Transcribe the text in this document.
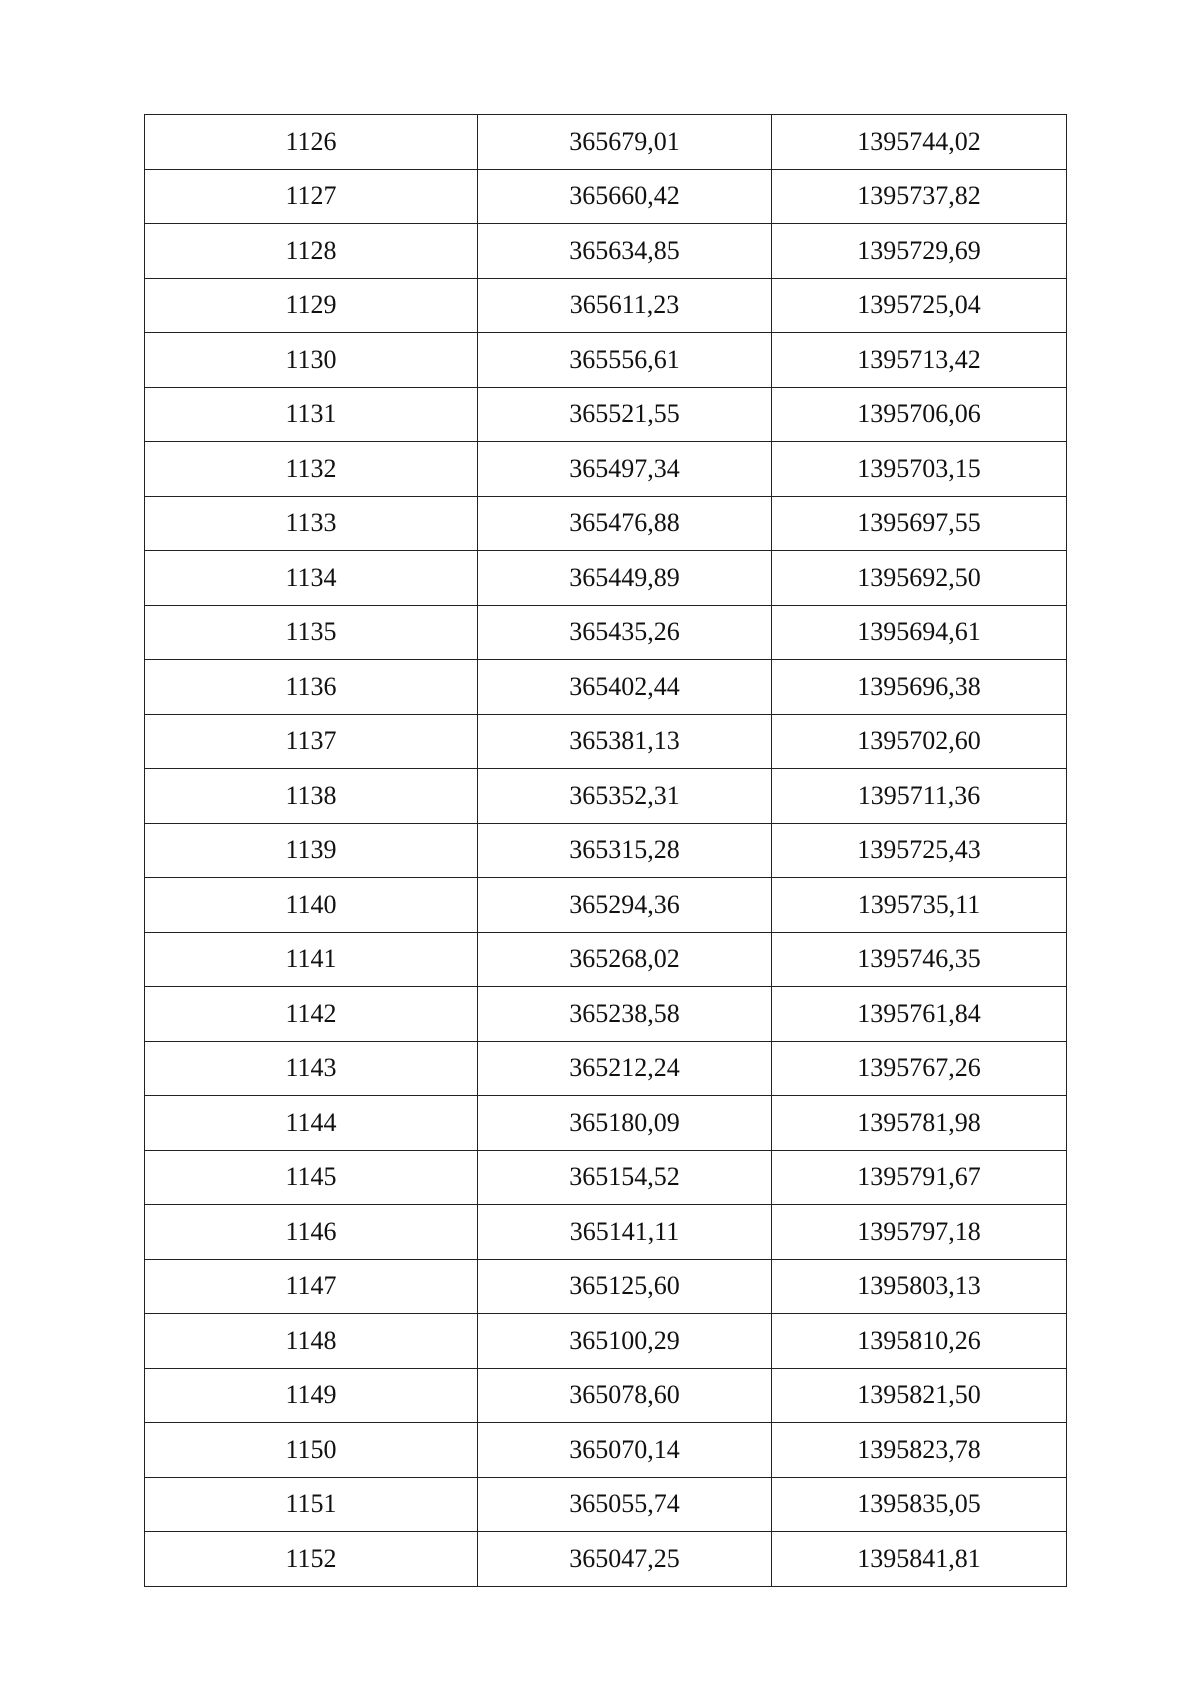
1126	365679,01	1395744,02
1127	365660,42	1395737,82
1128	365634,85	1395729,69
1129	365611,23	1395725,04
1130	365556,61	1395713,42
1131	365521,55	1395706,06
1132	365497,34	1395703,15
1133	365476,88	1395697,55
1134	365449,89	1395692,50
1135	365435,26	1395694,61
1136	365402,44	1395696,38
1137	365381,13	1395702,60
1138	365352,31	1395711,36
1139	365315,28	1395725,43
1140	365294,36	1395735,11
1141	365268,02	1395746,35
1142	365238,58	1395761,84
1143	365212,24	1395767,26
1144	365180,09	1395781,98
1145	365154,52	1395791,67
1146	365141,11	1395797,18
1147	365125,60	1395803,13
1148	365100,29	1395810,26
1149	365078,60	1395821,50
1150	365070,14	1395823,78
1151	365055,74	1395835,05
1152	365047,25	1395841,81
